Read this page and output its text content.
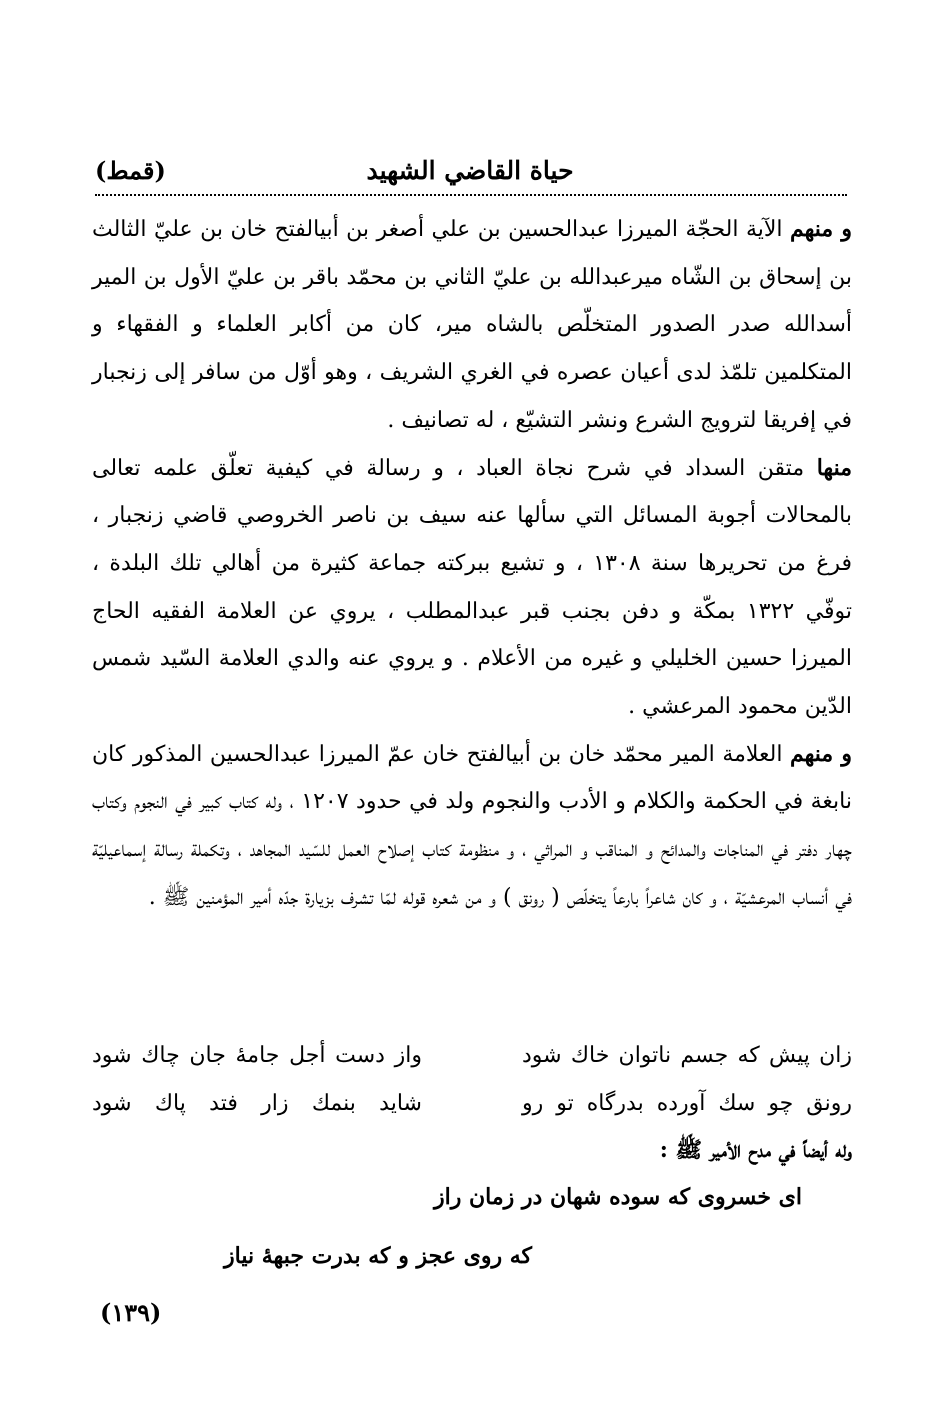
حياة القاضي الشهيد
(قمط)

و منهم الآية الحجّة الميرزا عبدالحسين بن علي أصغر بن أبيالفتح خان بن عليّ الثالث بن إسحاق بن الشّاه ميرعبدالله بن عليّ الثاني بن محمّد باقر بن عليّ الأول بن المير أسدالله صدر الصدور المتخلّص بالشاه مير، كان من أكابر العلماء و الفقهاء و المتكلمين تلمّذ لدى أعيان عصره في الغري الشريف ، وهو أوّل من سافر إلى زنجبار في إفريقا لترويج الشرع ونشر التشيّع ، له تصانيف .

منها متقن السداد في شرح نجاة العباد ، و رسالة في كيفية تعلّق علمه تعالى بالمحالات أجوبة المسائل التي سألها عنه سيف بن ناصر الخروصي قاضي زنجبار ، فرغ من تحريرها سنة ١٣٠٨ ، و تشيع ببركته جماعة كثيرة من أهالي تلك البلدة ، توفّي ١٣٢٢ بمكّة و دفن بجنب قبر عبدالمطلب ، يروي عن العلامة الفقيه الحاج الميرزا حسين الخليلي و غيره من الأعلام . و يروي عنه والدي العلامة السّيد شمس الدّين محمود المرعشي .

و منهم العلامة المير محمّد خان بن أبيالفتح خان عمّ الميرزا عبدالحسين المذكور كان نابغة في الحكمة والكلام و الأدب والنجوم ولد في حدود ١٢٠٧ ، وله كتاب كبير في النجوم وكتاب چهار دفتر في المناجات والمدائح و المناقب و المراثي ، و منظومة كتاب إصلاح العمل للسّيد المجاهد ، وتكملة رسالة إسماعيليّة في أنساب المرعشيّة ، و كان شاعراً بارعاً يتخلّص ( رونق ) و من شعره قوله لمّا تشرف بزيارة جدّه أمير المؤمنين ﷺ .

زان پيش كه جسم ناتوان خاك شود
واز دست أجل جامهٔ جان چاك شود
رونق چو سك آورده بدرگاه تو رو
شايد بنمك زار فتد پاك شود
وله أيضاً في مدح الأمير ﷺ :
اى خسروى كه سوده شهان در زمان راز
كه روى عجز و كه بدرت جبههٔ نياز
(١٣٩)
